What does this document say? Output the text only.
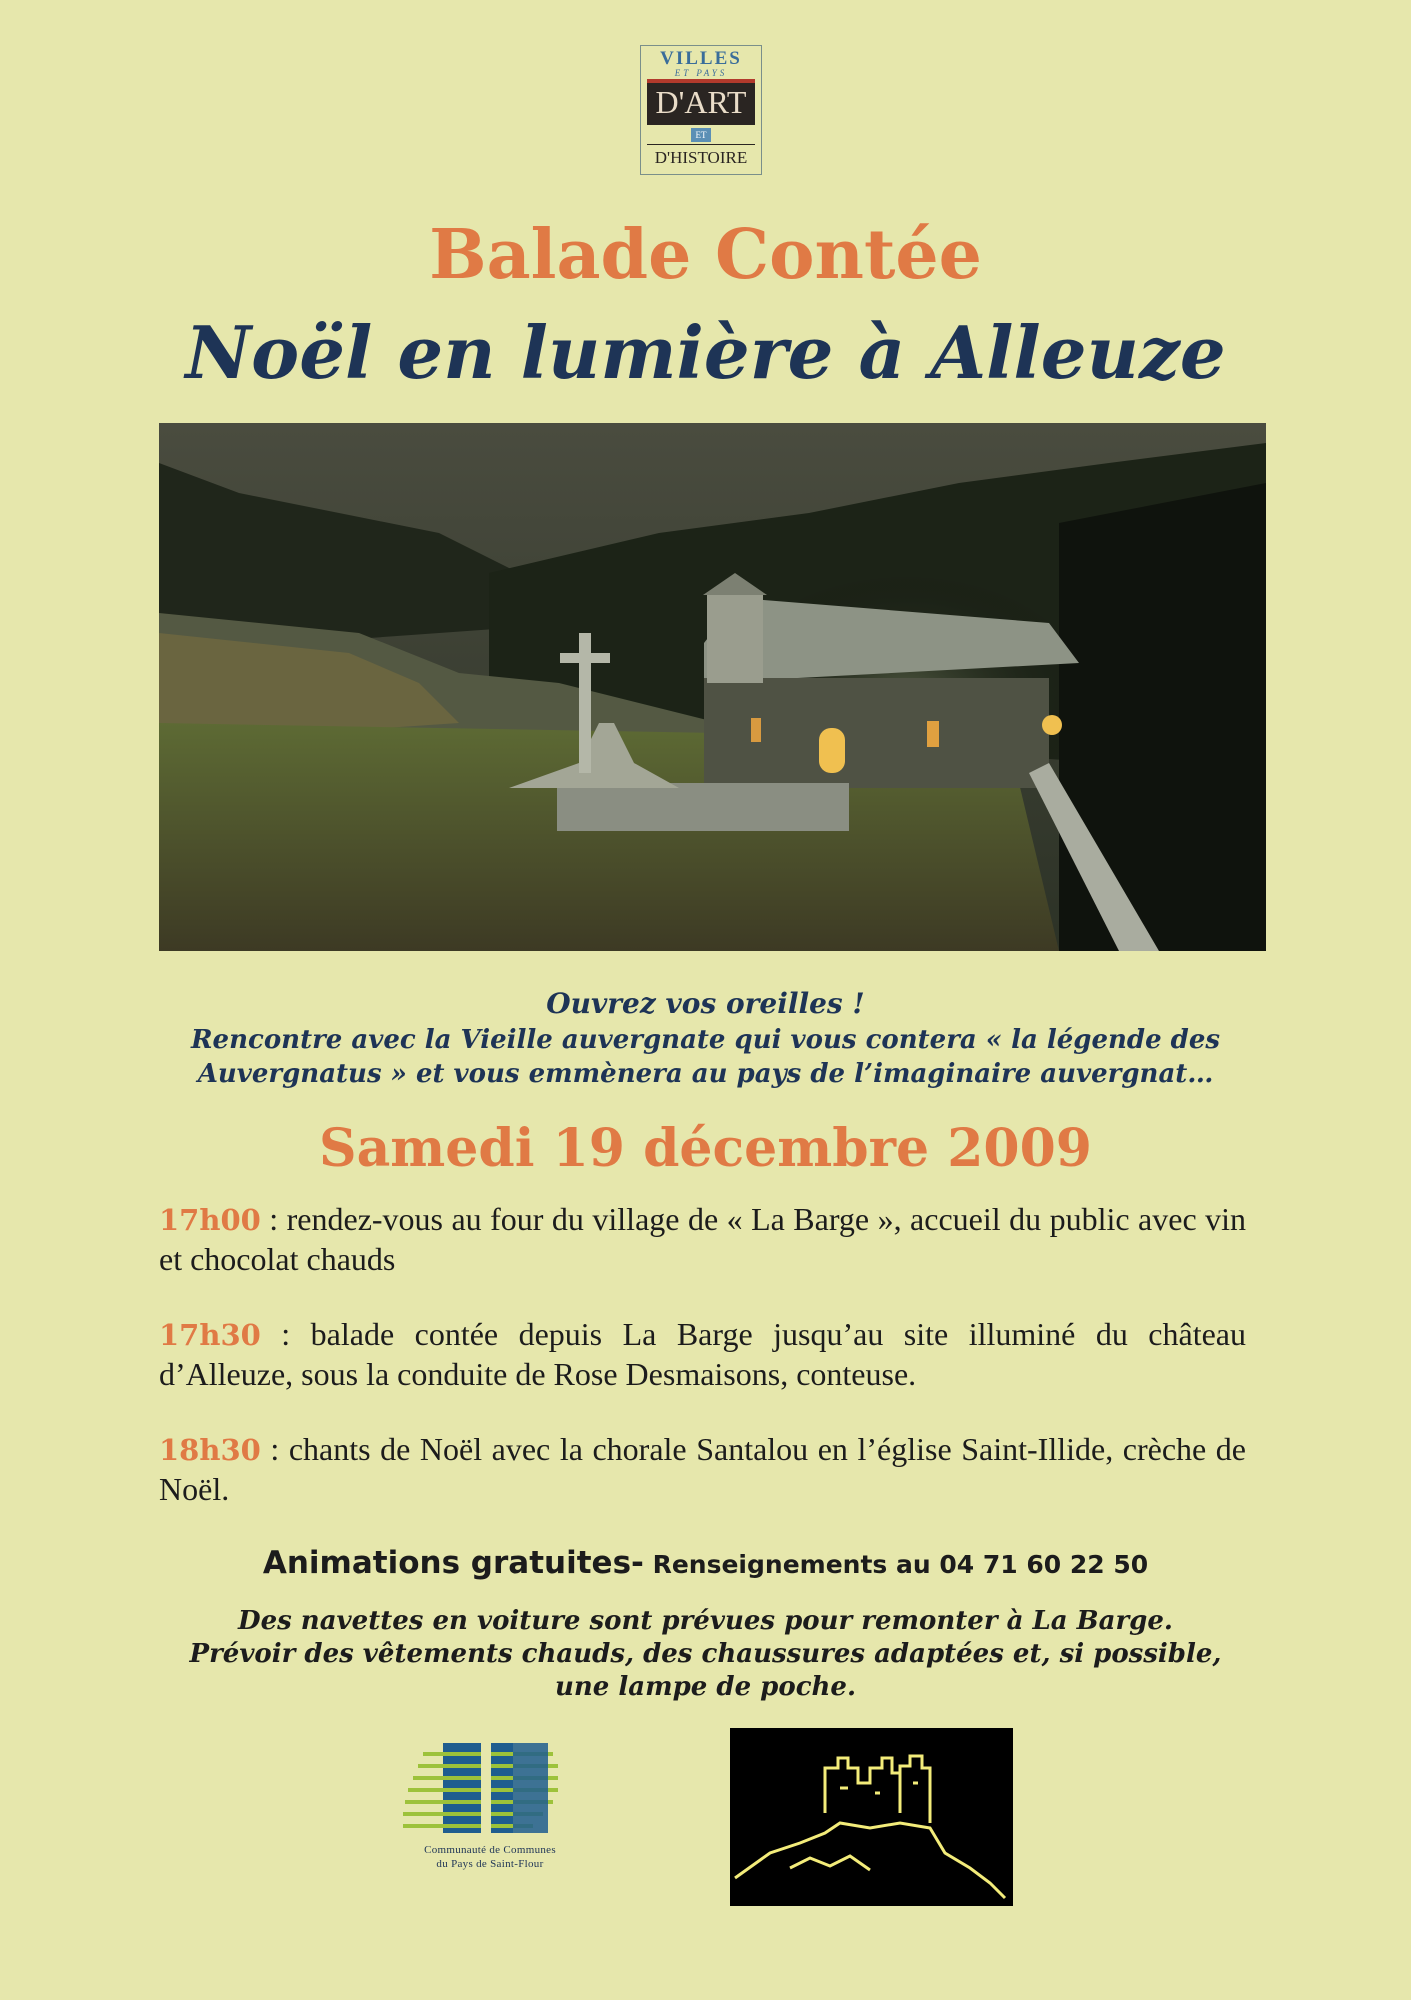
VILLES
ET PAYS
D'ART
ET
D'HISTOIRE
Balade Contée
Noël en lumière à Alleuze
Ouvrez vos oreilles !
Rencontre avec la Vieille auvergnate qui vous contera « la légende des
Auvergnatus » et vous emmènera au pays de l’imaginaire auvergnat…
Samedi 19 décembre 2009
17h00 : rendez-vous au four du village de « La Barge », accueil du public avec vin et chocolat chauds
17h30 : balade contée depuis La Barge jusqu’au site illuminé du château d’Alleuze, sous la conduite de Rose Desmaisons, conteuse.
18h30 : chants de Noël avec la chorale Santalou en l’église Saint-Illide, crèche de Noël.
Animations gratuites- Renseignements au 04 71 60 22 50
Des navettes en voiture sont prévues pour remonter à La Barge.
Prévoir des vêtements chauds, des chaussures adaptées et, si possible,
une lampe de poche.
Communauté de Communes
du Pays de Saint-Flour
